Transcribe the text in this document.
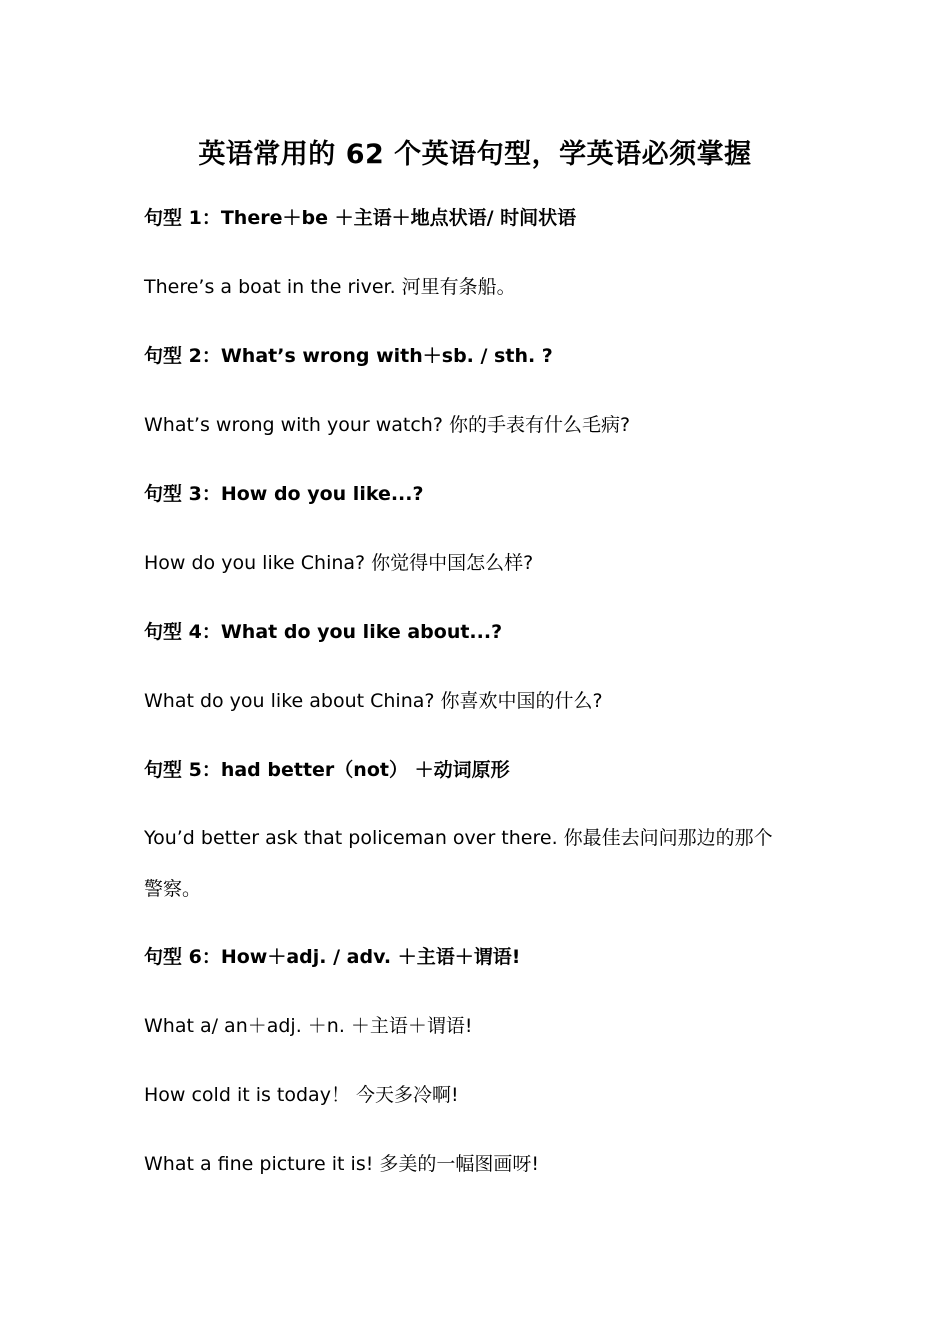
英语常用的 62 个英语句型，学英语必须掌握
句型 1：There＋be ＋主语＋地点状语/ 时间状语
There’s a boat in the river. 河里有条船。
句型 2：What’s wrong with＋sb. / sth. ?
What’s wrong with your watch? 你的手表有什么毛病?
句型 3：How do you like...?
How do you like China? 你觉得中国怎么样?
句型 4：What do you like about...?
What do you like about China? 你喜欢中国的什么?
句型 5：had better（not） ＋动词原形
You’d better ask that policeman over there. 你最佳去问问那边的那个
警察。
句型 6：How＋adj. / adv. ＋主语＋谓语!
What a/ an＋adj. ＋n. ＋主语＋谓语!
How cold it is today！ 今天多冷啊!
What a fine picture it is! 多美的一幅图画呀!
